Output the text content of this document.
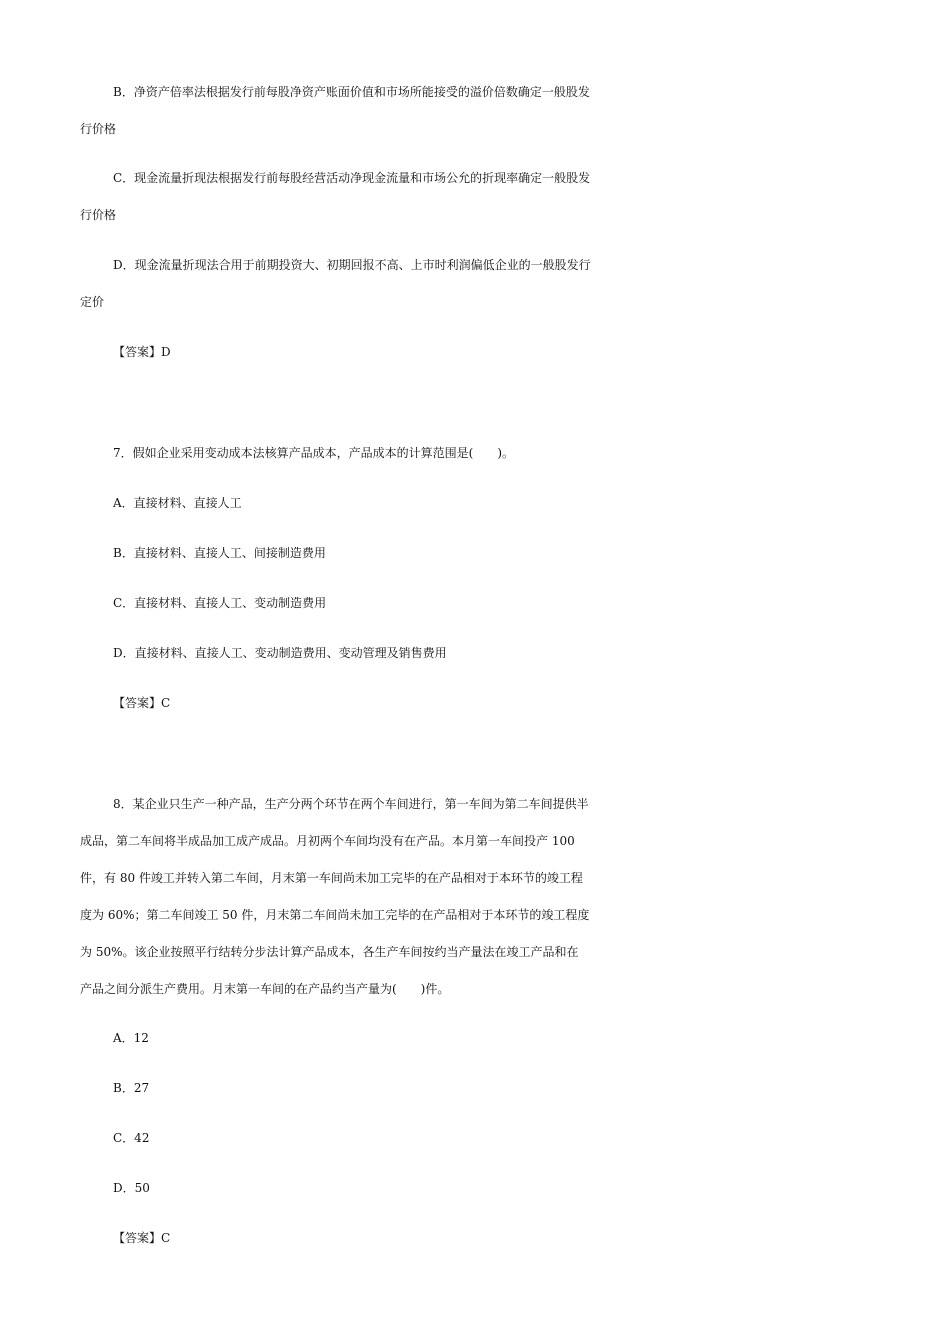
B．净资产倍率法根据发行前每股净资产账面价值和市场所能接受的溢价倍数确定一般股发
行价格
C．现金流量折现法根据发行前每股经营活动净现金流量和市场公允的折现率确定一般股发
行价格
D．现金流量折现法合用于前期投资大、初期回报不高、上市时利润偏低企业的一般股发行
定价
【答案】D
7．假如企业采用变动成本法核算产品成本，产品成本的计算范围是(　　)。
A．直接材料、直接人工
B．直接材料、直接人工、间接制造费用
C．直接材料、直接人工、变动制造费用
D．直接材料、直接人工、变动制造费用、变动管理及销售费用
【答案】C
8．某企业只生产一种产品，生产分两个环节在两个车间进行，第一车间为第二车间提供半
成品，第二车间将半成品加工成产成品。月初两个车间均没有在产品。本月第一车间投产 100
件，有 80 件竣工并转入第二车间，月末第一车间尚未加工完毕的在产品相对于本环节的竣工程
度为 60%；第二车间竣工 50 件，月末第二车间尚未加工完毕的在产品相对于本环节的竣工程度
为 50%。该企业按照平行结转分步法计算产品成本，各生产车间按约当产量法在竣工产品和在
产品之间分派生产费用。月末第一车间的在产品约当产量为(　　)件。
A．12
B．27
C．42
D．50
【答案】C
